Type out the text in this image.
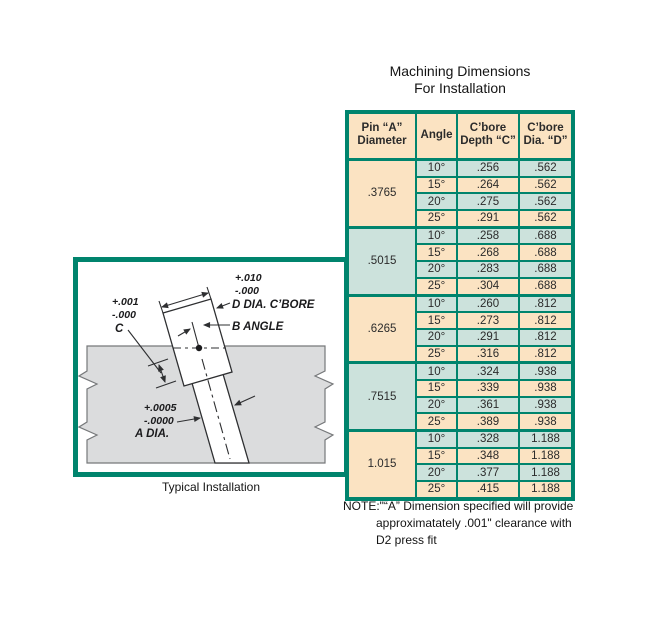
Machining Dimensions
For Installation
+.001
-.000
C
+.010
-.000
D DIA. C’BORE
B ANGLE
+.0005
-.0000
A DIA.
Typical Installation
Pin “A”
Diameter	Angle	C’bore
Depth “C”	C’bore
Dia. “D”
.3765	10°	.256	.562
	15°	.264	.562
	20°	.275	.562
	25°	.291	.562
.5015	10°	.258	.688
	15°	.268	.688
	20°	.283	.688
	25°	.304	.688
.6265	10°	.260	.812
	15°	.273	.812
	20°	.291	.812
	25°	.316	.812
.7515	10°	.324	.938
	15°	.339	.938
	20°	.361	.938
	25°	.389	.938
1.015	10°	.328	1.188
	15°	.348	1.188
	20°	.377	1.188
	25°	.415	1.188
NOTE:"“A” Dimension specified will provide
approximatately .001" clearance with
D2 press fit
